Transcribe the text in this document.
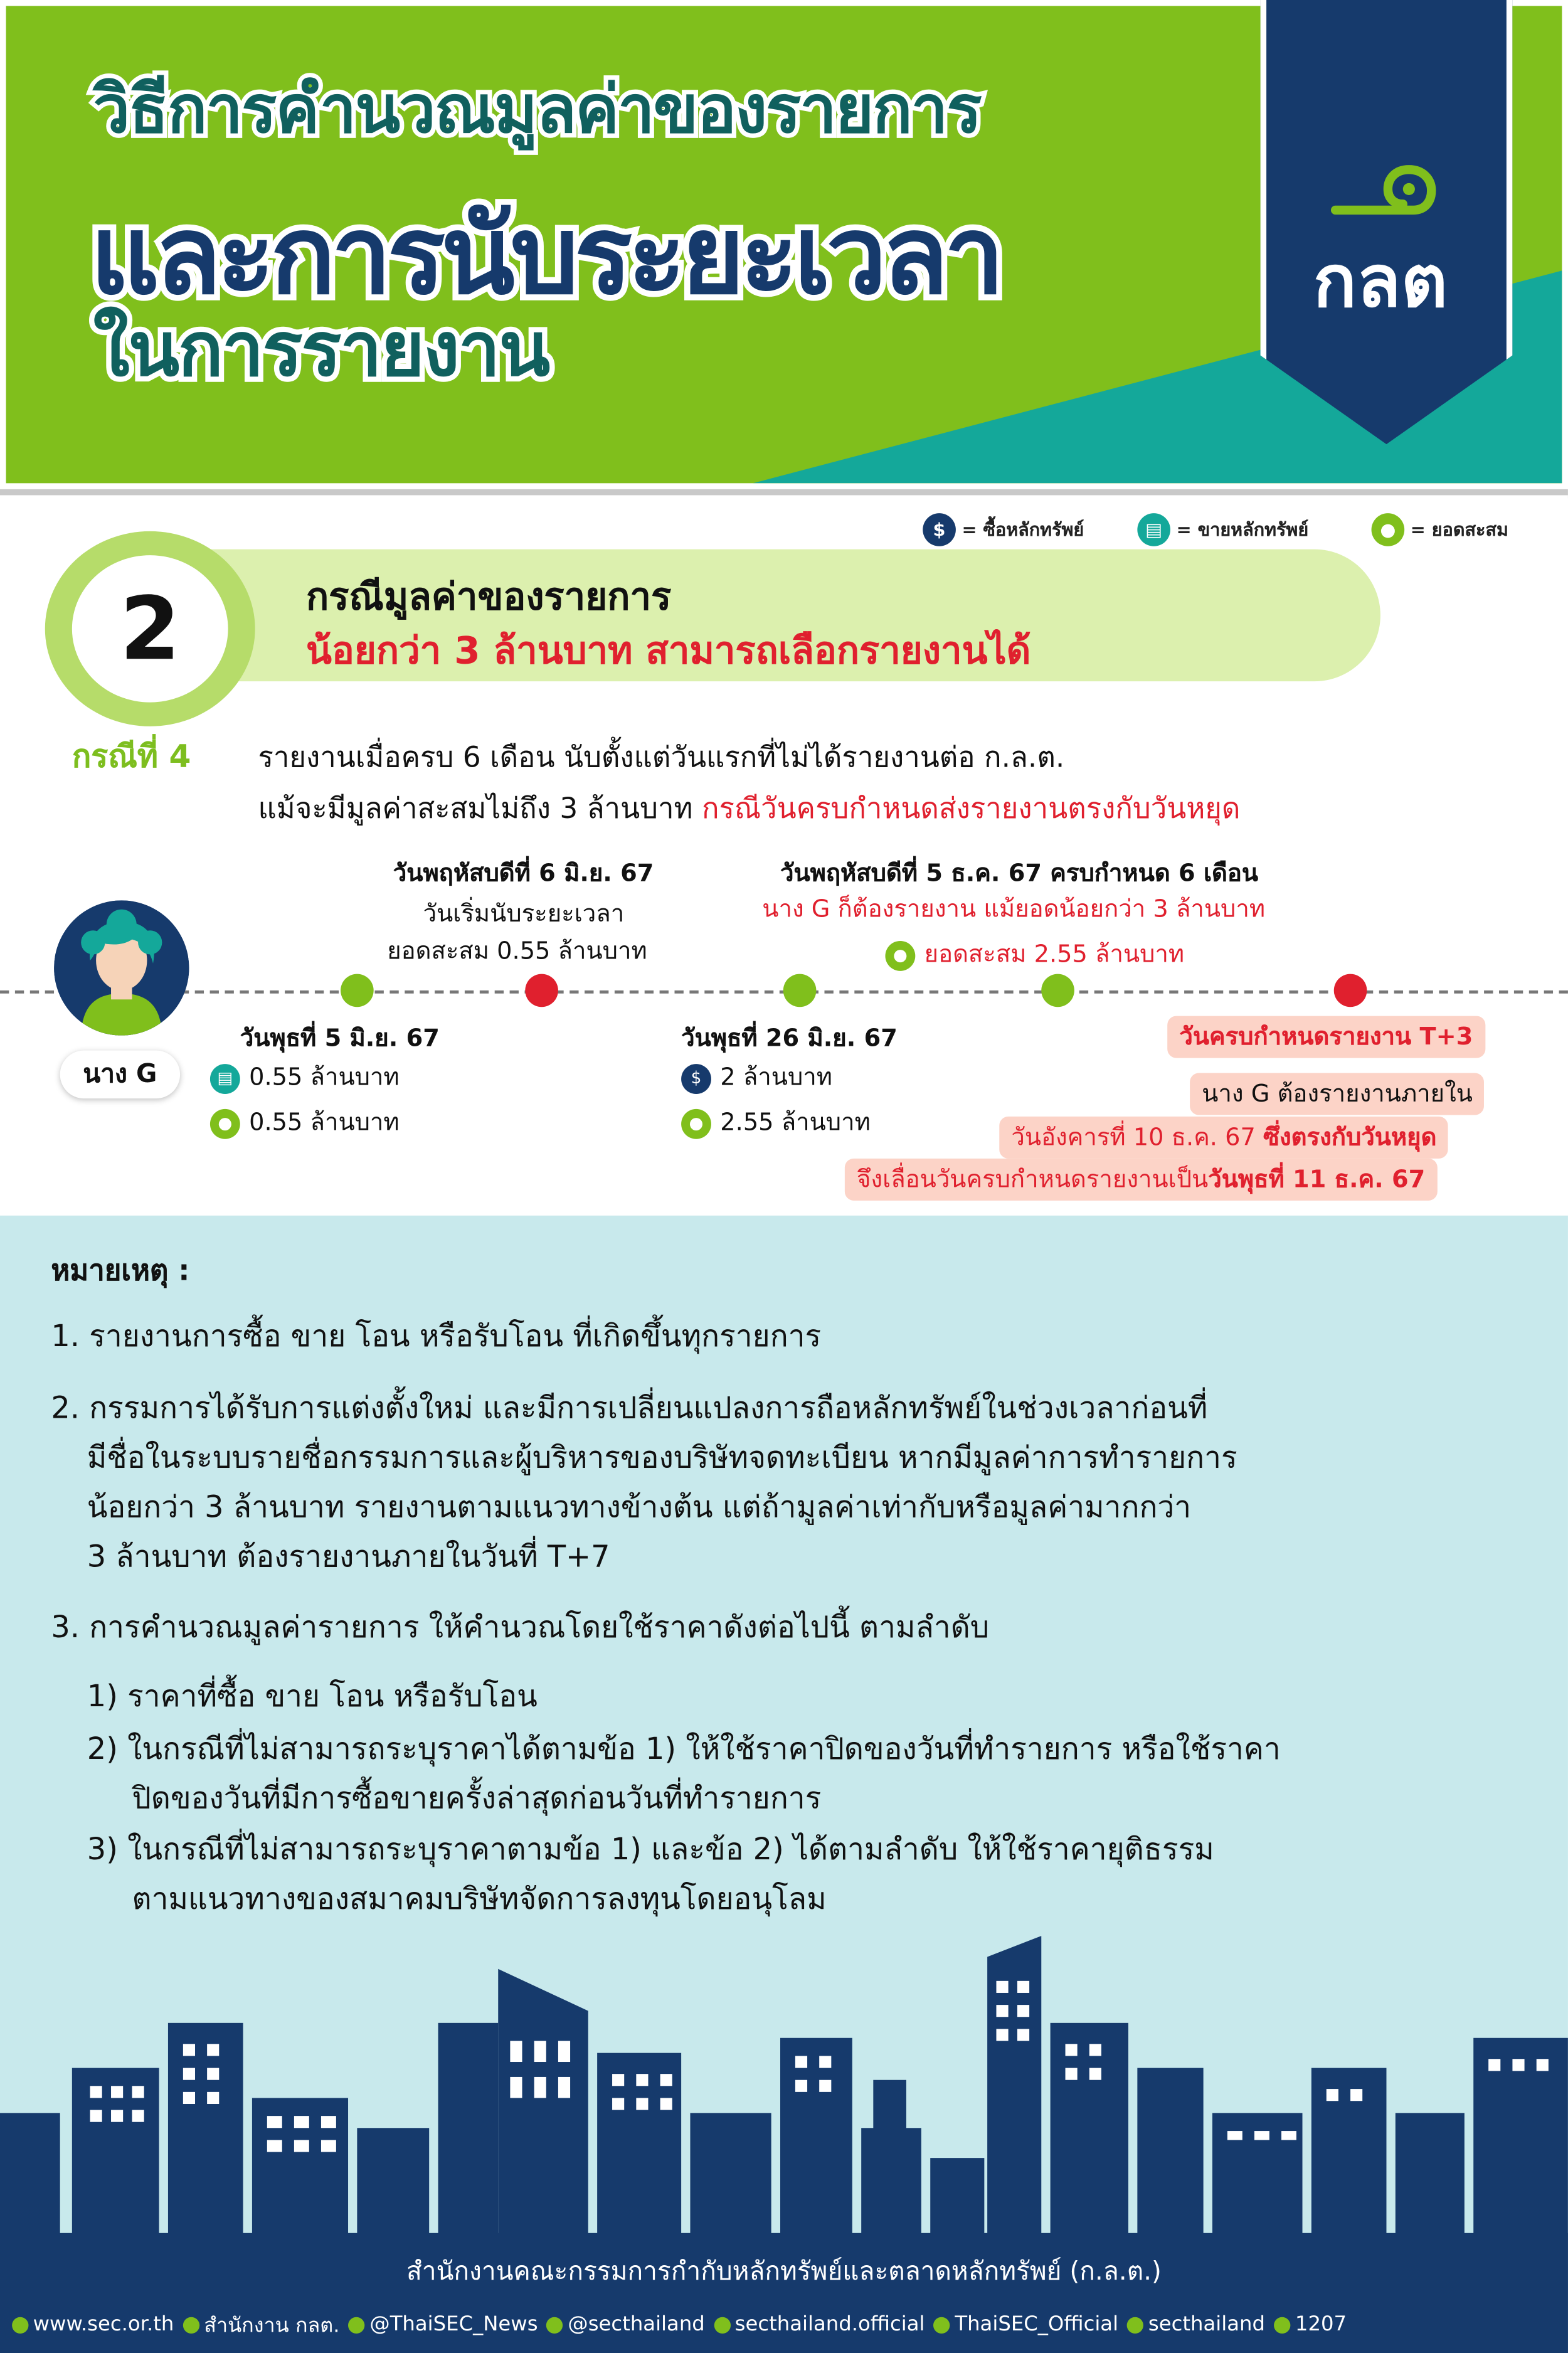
วิธีการคำนวณมูลค่าของรายการ
และการนับระยะเวลา
ในการรายงาน
กลต
$	= ซื้อหลักทรัพย์	▤	= ขายหลักทรัพย์	●	= ยอดสะสม
2	กรณีมูลค่าของรายการ
น้อยกว่า 3 ล้านบาท สามารถเลือกรายงานได้
กรณีที่ 4	รายงานเมื่อครบ 6 เดือน นับตั้งแต่วันแรกที่ไม่ได้รายงานต่อ ก.ล.ต.
แม้จะมีมูลค่าสะสมไม่ถึง 3 ล้านบาท กรณีวันครบกำหนดส่งรายงานตรงกับวันหยุด
นาง G
วันพฤหัสบดีที่ 6 มิ.ย. 67
วันเริ่มนับระยะเวลา
ยอดสะสม 0.55 ล้านบาท
วันพฤหัสบดีที่ 5 ธ.ค. 67 ครบกำหนด 6 เดือน
นาง G ก็ต้องรายงาน แม้ยอดน้อยกว่า 3 ล้านบาท
● ยอดสะสม 2.55 ล้านบาท
วันพุธที่ 5 มิ.ย. 67
▤ 0.55 ล้านบาท
● 0.55 ล้านบาท
วันพุธที่ 26 มิ.ย. 67
$ 2 ล้านบาท
● 2.55 ล้านบาท
วันครบกำหนดรายงาน T+3
นาง G ต้องรายงานภายใน
วันอังคารที่ 10 ธ.ค. 67 ซึ่งตรงกับวันหยุด
จึงเลื่อนวันครบกำหนดรายงานเป็นวันพุธที่ 11 ธ.ค. 67
หมายเหตุ :
1. รายงานการซื้อ ขาย โอน หรือรับโอน ที่เกิดขึ้นทุกรายการ
2. กรรมการได้รับการแต่งตั้งใหม่ และมีการเปลี่ยนแปลงการถือหลักทรัพย์ในช่วงเวลาก่อนที่
มีชื่อในระบบรายชื่อกรรมการและผู้บริหารของบริษัทจดทะเบียน หากมีมูลค่าการทำรายการ
น้อยกว่า 3 ล้านบาท รายงานตามแนวทางข้างต้น แต่ถ้ามูลค่าเท่ากับหรือมูลค่ามากกว่า
3 ล้านบาท ต้องรายงานภายในวันที่ T+7
3. การคำนวณมูลค่ารายการ ให้คำนวณโดยใช้ราคาดังต่อไปนี้ ตามลำดับ
1) ราคาที่ซื้อ ขาย โอน หรือรับโอน
2) ในกรณีที่ไม่สามารถระบุราคาได้ตามข้อ 1) ให้ใช้ราคาปิดของวันที่ทำรายการ หรือใช้ราคา
ปิดของวันที่มีการซื้อขายครั้งล่าสุดก่อนวันที่ทำรายการ
3) ในกรณีที่ไม่สามารถระบุราคาตามข้อ 1) และข้อ 2) ได้ตามลำดับ ให้ใช้ราคายุติธรรม
ตามแนวทางของสมาคมบริษัทจัดการลงทุนโดยอนุโลม
สำนักงานคณะกรรมการกำกับหลักทรัพย์และตลาดหลักทรัพย์ (ก.ล.ต.)
www.sec.or.th	สำนักงาน กลต.	@ThaiSEC_News	@secthailand	secthailand.official	ThaiSEC_Official	secthailand	1207
